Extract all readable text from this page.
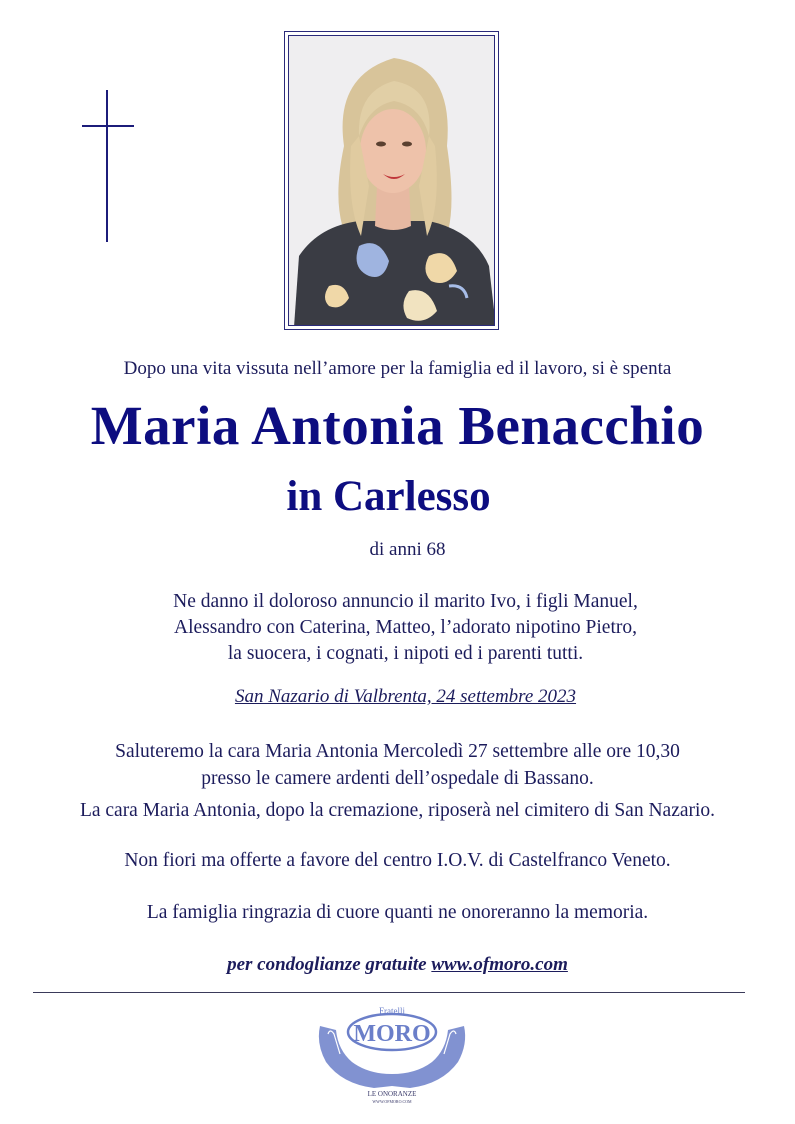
Dopo una vita vissuta nell’amore per la famiglia ed il lavoro, si è spenta
Maria Antonia Benacchio
in Carlesso
di anni 68
Ne danno il doloroso annuncio il marito Ivo, i figli Manuel,
Alessandro con Caterina, Matteo, l’adorato nipotino Pietro,
la suocera, i cognati, i nipoti ed i parenti tutti.
San Nazario di Valbrenta, 24 settembre 2023
Saluteremo la cara Maria Antonia Mercoledì 27 settembre alle ore 10,30
presso le camere ardenti dell’ospedale di Bassano.
La cara Maria Antonia, dopo la cremazione, riposerà nel cimitero di San Nazario.
Non fiori ma offerte a favore del centro I.O.V. di Castelfranco Veneto.
La famiglia ringrazia di cuore quanti ne onoreranno la memoria.
per condoglianze gratuite www.ofmoro.com
Fratelli
MORO
LE ONORANZE
WWW.OFMORO.COM
